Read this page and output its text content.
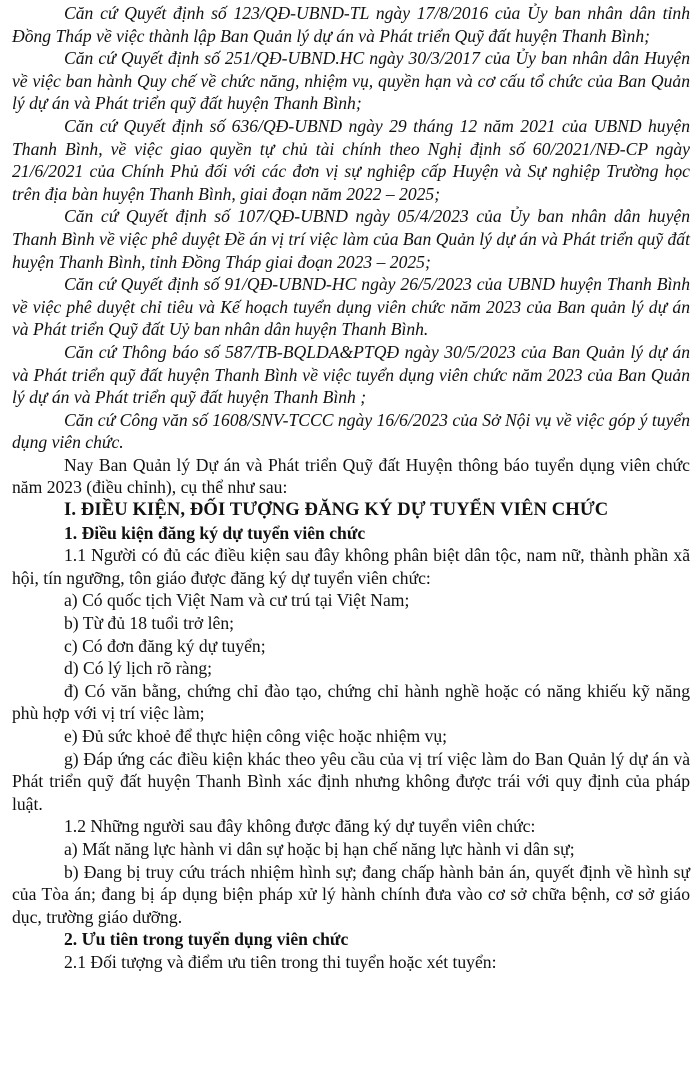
Căn cứ Quyết định số 123/QĐ-UBND-TL ngày 17/8/2016 của Ủy ban nhân dân tỉnh Đồng Tháp về việc thành lập Ban Quản lý dự án và Phát triển Quỹ đất huyện Thanh Bình;

Căn cứ Quyết định số 251/QĐ-UBND.HC ngày 30/3/2017 của Ủy ban nhân dân Huyện về việc ban hành Quy chế về chức năng, nhiệm vụ, quyền hạn và cơ cấu tổ chức của Ban Quản lý dự án và Phát triển quỹ đất huyện Thanh Bình;

Căn cứ Quyết định số 636/QĐ-UBND ngày 29 tháng 12 năm 2021 của UBND huyện Thanh Bình, về việc giao quyền tự chủ tài chính theo Nghị định số 60/2021/NĐ-CP ngày 21/6/2021 của Chính Phủ đối với các đơn vị sự nghiệp cấp Huyện và Sự nghiệp Trường học trên địa bàn huyện Thanh Bình, giai đoạn năm 2022 – 2025;

Căn cứ Quyết định số 107/QĐ-UBND ngày 05/4/2023 của Ủy ban nhân dân huyện Thanh Bình về việc phê duyệt Đề án vị trí việc làm của Ban Quản lý dự án và Phát triển quỹ đất huyện Thanh Bình, tỉnh Đồng Tháp giai đoạn 2023 – 2025;

Căn cứ Quyết định số 91/QĐ-UBND-HC ngày 26/5/2023 của UBND huyện Thanh Bình về việc phê duyệt chỉ tiêu và Kế hoạch tuyển dụng viên chức năm 2023 của Ban quản lý dự án và Phát triển Quỹ đất Uỷ ban nhân dân huyện Thanh Bình.

Căn cứ Thông báo số 587/TB-BQLDA&PTQĐ ngày 30/5/2023 của Ban Quản lý dự án và Phát triển quỹ đất huyện Thanh Bình về việc tuyển dụng viên chức năm 2023 của Ban Quản lý dự án và Phát triển quỹ đất huyện Thanh Bình ;

Căn cứ Công văn số 1608/SNV-TCCC ngày 16/6/2023 của Sở Nội vụ về việc góp ý tuyển dụng viên chức.

Nay Ban Quản lý Dự án và Phát triển Quỹ đất Huyện thông báo tuyển dụng viên chức năm 2023 (điều chỉnh), cụ thể như sau:

I. ĐIỀU KIỆN, ĐỐI TƯỢNG ĐĂNG KÝ DỰ TUYỂN VIÊN CHỨC

1. Điều kiện đăng ký dự tuyển viên chức

1.1 Người có đủ các điều kiện sau đây không phân biệt dân tộc, nam nữ, thành phần xã hội, tín ngưỡng, tôn giáo được đăng ký dự tuyển viên chức:

a) Có quốc tịch Việt Nam và cư trú tại Việt Nam;

b) Từ đủ 18 tuổi trở lên;

c) Có đơn đăng ký dự tuyển;

d) Có lý lịch rõ ràng;

đ) Có văn bằng, chứng chỉ đào tạo, chứng chỉ hành nghề hoặc có năng khiếu kỹ năng phù hợp với vị trí việc làm;

e) Đủ sức khoẻ để thực hiện công việc hoặc nhiệm vụ;

g) Đáp ứng các điều kiện khác theo yêu cầu của vị trí việc làm do Ban Quản lý dự án và Phát triển quỹ đất huyện Thanh Bình xác định nhưng không được trái với quy định của pháp luật.

1.2 Những người sau đây không được đăng ký dự tuyển viên chức:

a) Mất năng lực hành vi dân sự hoặc bị hạn chế năng lực hành vi dân sự;

b) Đang bị truy cứu trách nhiệm hình sự; đang chấp hành bản án, quyết định về hình sự của Tòa án; đang bị áp dụng biện pháp xử lý hành chính đưa vào cơ sở chữa bệnh, cơ sở giáo dục, trường giáo dưỡng.

2. Ưu tiên trong tuyển dụng viên chức

2.1 Đối tượng và điểm ưu tiên trong thi tuyển hoặc xét tuyển:
